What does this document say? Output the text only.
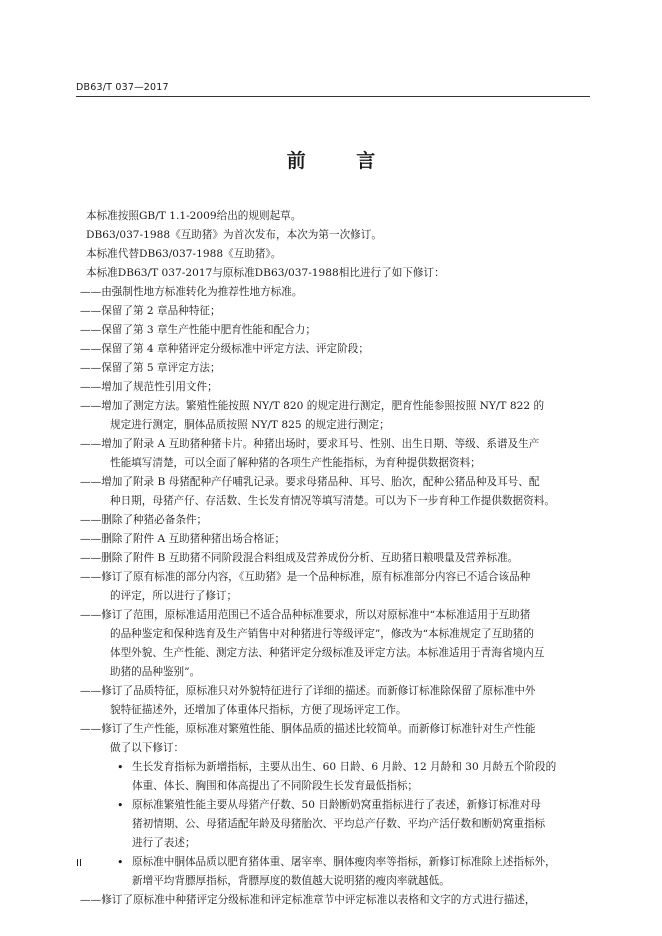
DB63/T 037—2017
前 言

本标准按照GB/T 1.1-2009给出的规则起草。

DB63/037-1988《互助猪》为首次发布，本次为第一次修订。

本标准代替DB63/037-1988《互助猪》。

本标准DB63/T 037-2017与原标准DB63/037-1988相比进行了如下修订：

——由强制性地方标准转化为推荐性地方标准。

——保留了第 2 章品种特征；

——保留了第 3 章生产性能中肥育性能和配合力；

——保留了第 4 章种猪评定分级标准中评定方法、评定阶段；

——保留了第 5 章评定方法；

——增加了规范性引用文件；

——增加了测定方法。繁殖性能按照 NY/T 820 的规定进行测定，肥育性能参照按照 NY/T 822 的

规定进行测定，胴体品质按照 NY/T 825 的规定进行测定；

——增加了附录 A 互助猪种猪卡片。种猪出场时，要求耳号、性别、出生日期、等级、系谱及生产

性能填写清楚，可以全面了解种猪的各项生产性能指标，为育种提供数据资料；

——增加了附录 B 母猪配种产仔哺乳记录。要求母猪品种、耳号、胎次，配种公猪品种及耳号、配

种日期，母猪产仔、存活数、生长发育情况等填写清楚。可以为下一步育种工作提供数据资料。

——删除了种猪必备条件；

——删除了附件 A 互助猪种猪出场合格证；

——删除了附件 B 互助猪不同阶段混合料组成及营养成份分析、互助猪日粮喂量及营养标准。

——修订了原有标准的部分内容，《互助猪》是一个品种标准，原有标准部分内容已不适合该品种

的评定，所以进行了修订；

——修订了范围，原标准适用范围已不适合品种标准要求，所以对原标准中“本标准适用于互助猪

的品种鉴定和保种选育及生产销售中对种猪进行等级评定”，修改为“本标准规定了互助猪的

体型外貌、生产性能、测定方法、种猪评定分级标准及评定方法。本标准适用于青海省境内互

助猪的品种鉴别”。

——修订了品质特征，原标准只对外貌特征进行了详细的描述。而新修订标准除保留了原标准中外

貌特征描述外，还增加了体重体尺指标，方便了现场评定工作。

——修订了生产性能，原标准对繁殖性能、胴体品质的描述比较简单。而新修订标准针对生产性能

做了以下修订：

• 生长发育指标为新增指标，主要从出生、60 日龄、6 月龄、12 月龄和 30 月龄五个阶段的

体重、体长、胸围和体高提出了不同阶段生长发育最低指标；

• 原标准繁殖性能主要从母猪产仔数、50 日龄断奶窝重指标进行了表述，新修订标准对母

猪初情期、公、母猪适配年龄及母猪胎次、平均总产仔数、平均产活仔数和断奶窝重指标

进行了表述；

• 原标准中胴体品质以肥育猪体重、屠宰率、胴体瘦肉率等指标，新修订标准除上述指标外，

新增平均背膘厚指标，背膘厚度的数值越大说明猪的瘦肉率就越低。

——修订了原标准中种猪评定分级标准和评定标准章节中评定标准以表格和文字的方式进行描述，

II
